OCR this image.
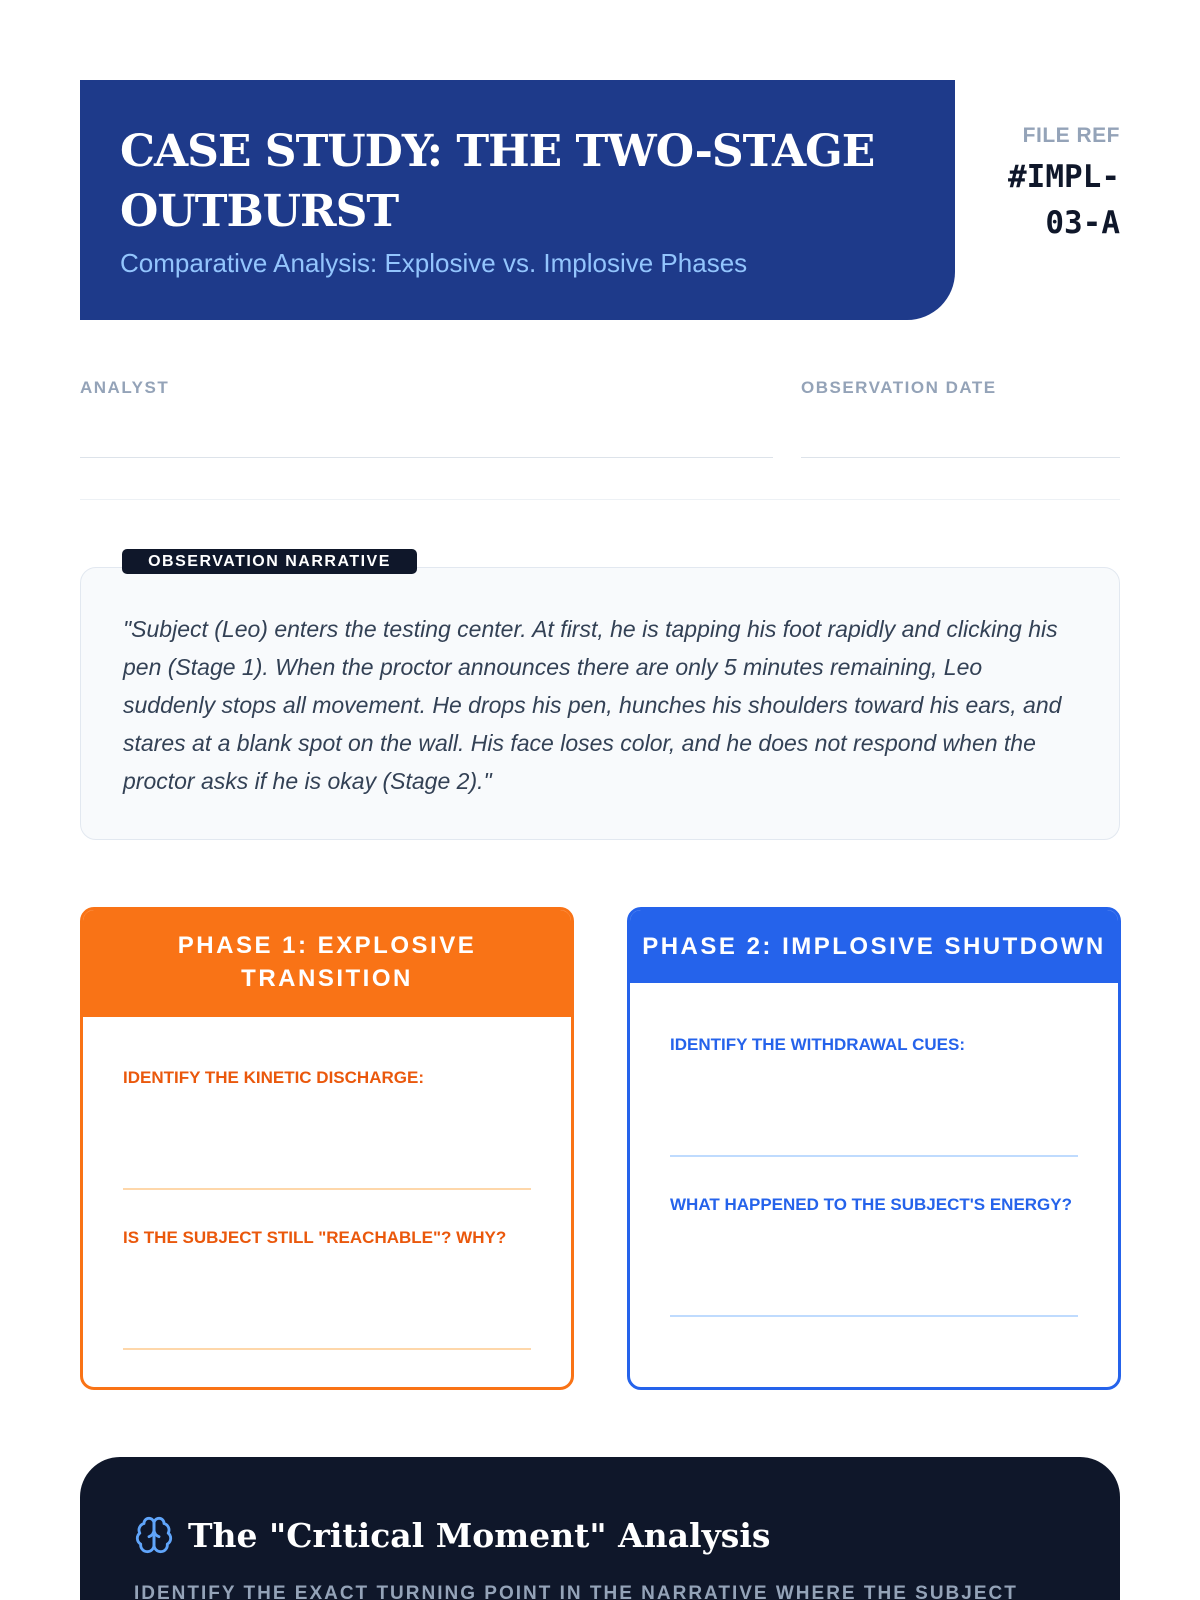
CASE STUDY: THE TWO-STAGE OUTBURST
Comparative Analysis: Explosive vs. Implosive Phases
FILE REF
#IMPL-03-A
ANALYST	OBSERVATION DATE
OBSERVATION NARRATIVE

"Subject (Leo) enters the testing center. At first, he is tapping his foot rapidly and clicking his pen (Stage 1). When the proctor announces there are only 5 minutes remaining, Leo suddenly stops all movement. He drops his pen, hunches his shoulders toward his ears, and stares at a blank spot on the wall. His face loses color, and he does not respond when the proctor asks if he is okay (Stage 2)."

PHASE 1: EXPLOSIVE TRANSITION
IDENTIFY THE KINETIC DISCHARGE:
IS THE SUBJECT STILL "REACHABLE"? WHY?
PHASE 2: IMPLOSIVE SHUTDOWN
IDENTIFY THE WITHDRAWAL CUES:
WHAT HAPPENED TO THE SUBJECT'S ENERGY?
The "Critical Moment" Analysis
IDENTIFY THE EXACT TURNING POINT IN THE NARRATIVE WHERE THE SUBJECT
